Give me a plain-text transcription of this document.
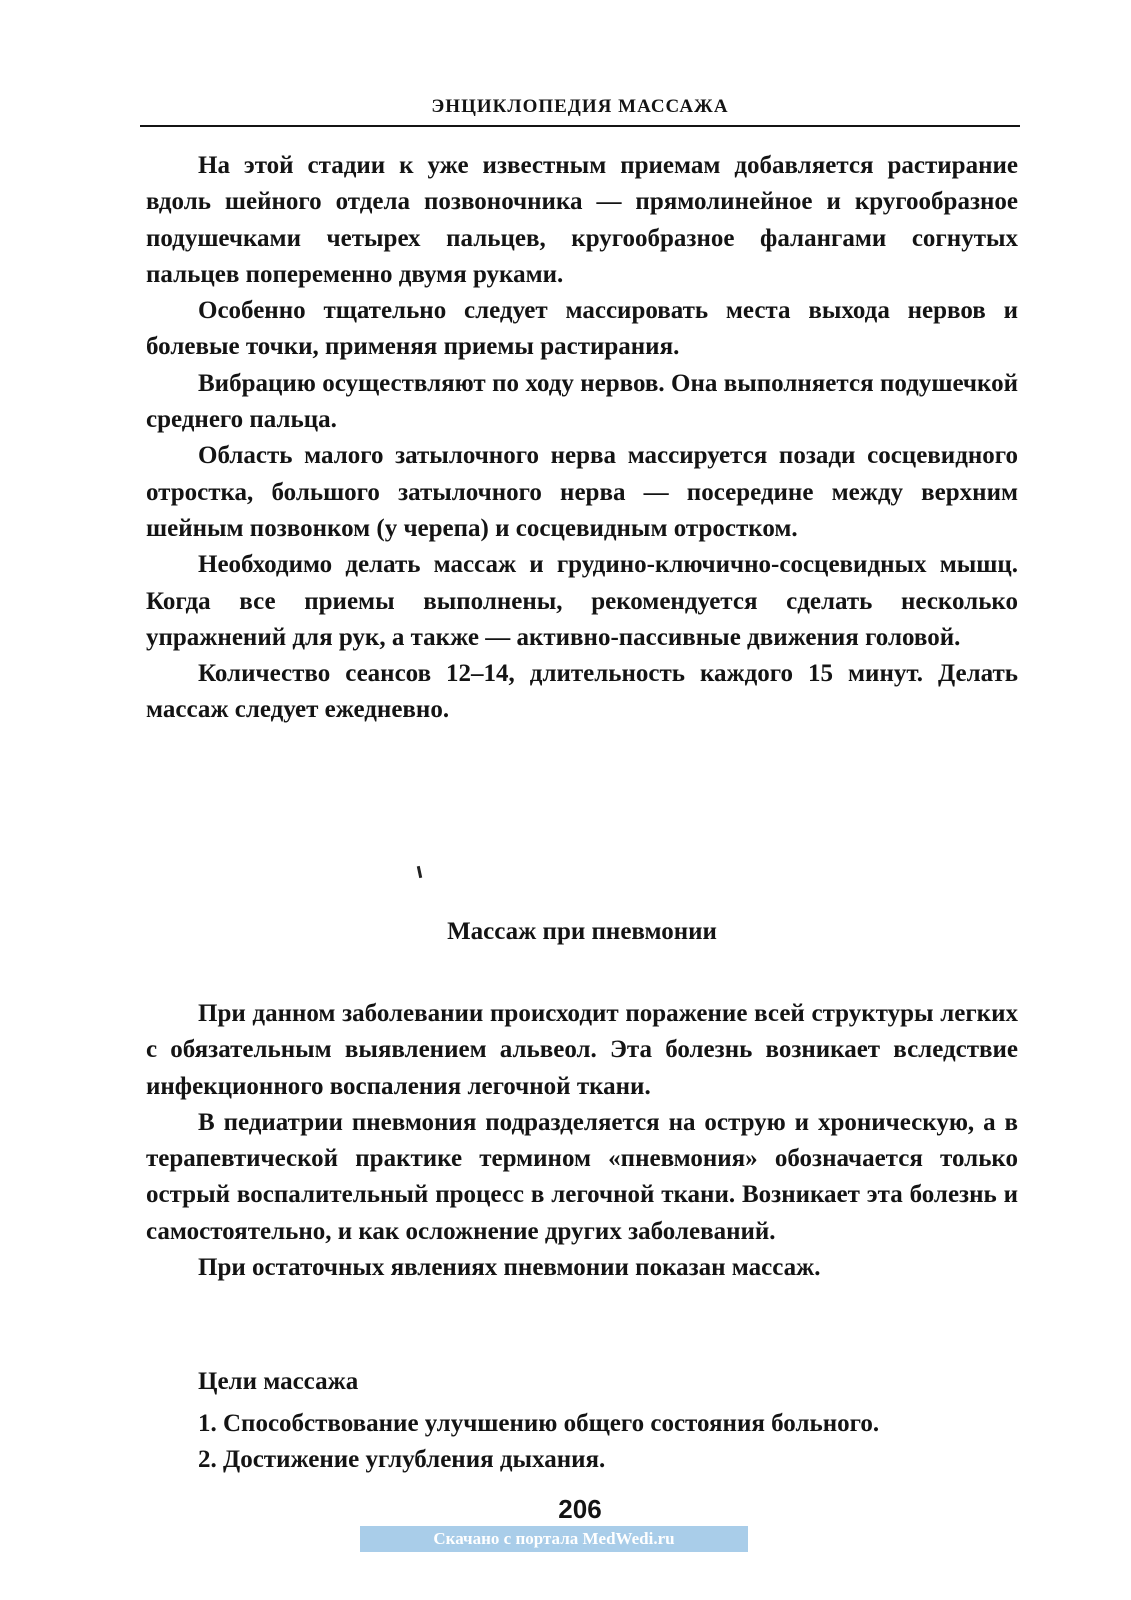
ЭНЦИКЛОПЕДИЯ МАССАЖА

На этой стадии к уже известным приемам добавляется растирание вдоль шейного отдела позвоночника — прямолинейное и кругообразное подушечками четырех пальцев, кругообразное фалангами согнутых пальцев попеременно двумя руками.

Особенно тщательно следует массировать места выхода нервов и болевые точки, применяя приемы растирания.

Вибрацию осуществляют по ходу нервов. Она выполняется подушечкой среднего пальца.

Область малого затылочного нерва массируется позади сосцевидного отростка, большого затылочного нерва — посередине между верхним шейным позвонком (у черепа) и сосцевидным отростком.

Необходимо делать массаж и грудино-ключично-сосцевидных мышц. Когда все приемы выполнены, рекомендуется сделать несколько упражнений для рук, а также — активно-пассивные движения головой.

Количество сеансов 12–14, длительность каждого 15 минут. Делать массаж следует ежедневно.

Массаж при пневмонии

При данном заболевании происходит поражение всей структуры легких с обязательным выявлением альвеол. Эта болезнь возникает вследствие инфекционного воспаления легочной ткани.

В педиатрии пневмония подразделяется на острую и хроническую, а в терапевтической практике термином «пневмония» обозначается только острый воспалительный процесс в легочной ткани. Возникает эта болезнь и самостоятельно, и как осложнение других заболеваний.

При остаточных явлениях пневмонии показан массаж.

Цели массажа
1. Способствование улучшению общего состояния больного.
2. Достижение углубления дыхания.
206
Скачано с портала MedWedi.ru
